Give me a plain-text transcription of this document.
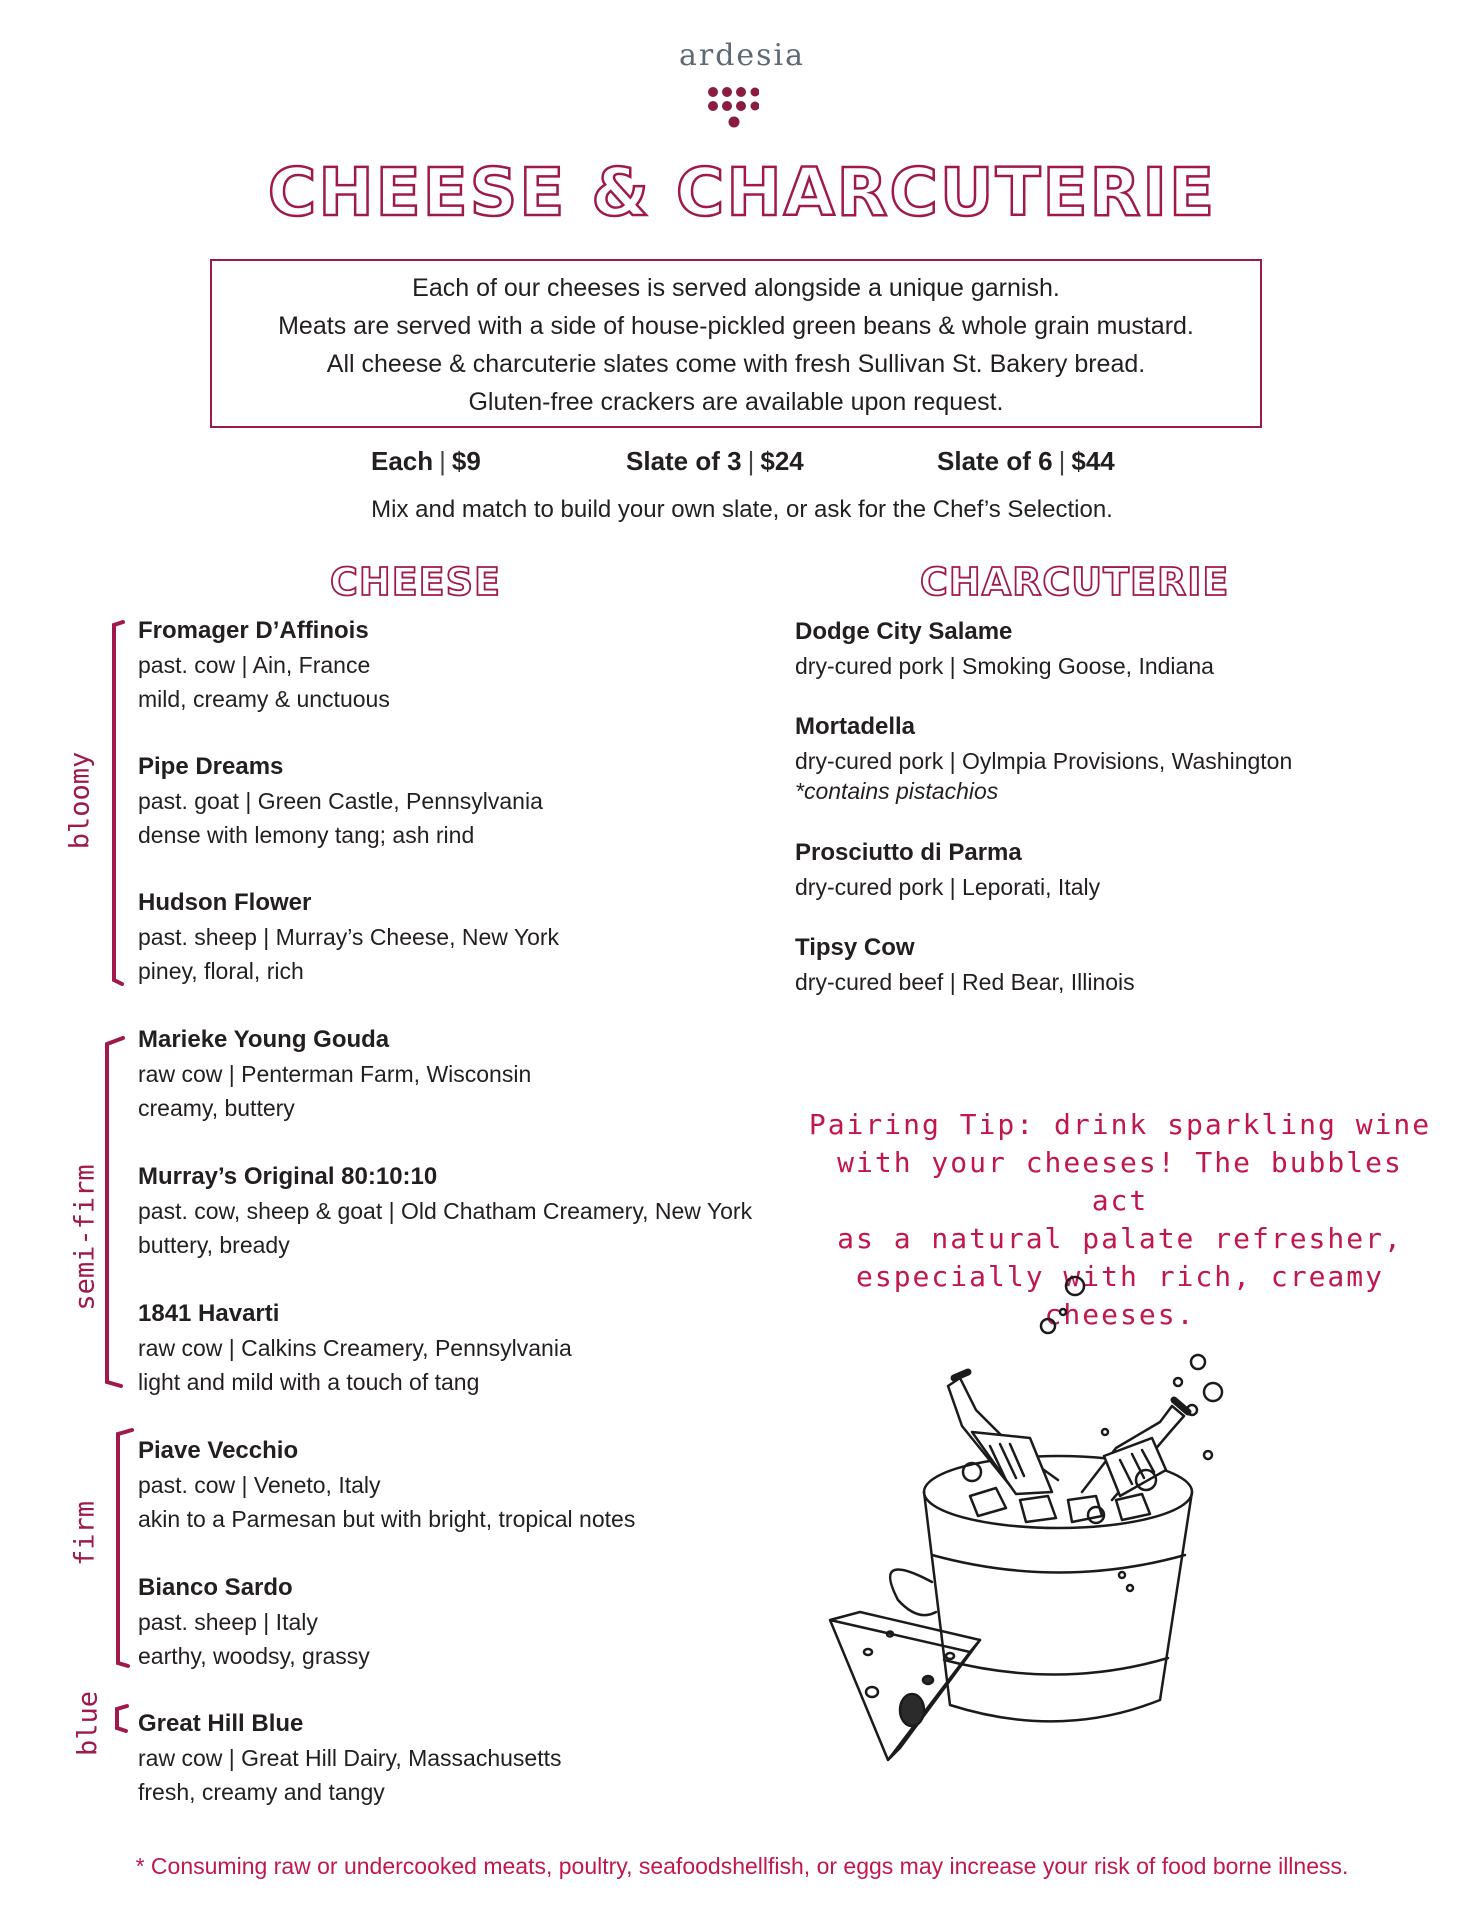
ardesia
CHEESE & CHARCUTERIE
Each of our cheeses is served alongside a unique garnish.
Meats are served with a side of house-pickled green beans & whole grain mustard.
All cheese & charcuterie slates come with fresh Sullivan St. Bakery bread.
Gluten-free crackers are available upon request.
Each | $9	Slate of 3 | $24	Slate of 6 | $44
Mix and match to build your own slate, or ask for the Chef’s Selection.
CHEESE	CHARCUTERIE
bloomy
semi-firm
firm
blue
Fromager D’Affinois
past. cow | Ain, France
mild, creamy & unctuous
Pipe Dreams
past. goat | Green Castle, Pennsylvania
dense with lemony tang; ash rind
Hudson Flower
past. sheep | Murray’s Cheese, New York
piney, floral, rich
Marieke Young Gouda
raw cow | Penterman Farm, Wisconsin
creamy, buttery
Murray’s Original 80:10:10
past. cow, sheep & goat | Old Chatham Creamery, New York
buttery, bready
1841 Havarti
raw cow | Calkins Creamery, Pennsylvania
light and mild with a touch of tang
Piave Vecchio
past. cow | Veneto, Italy
akin to a Parmesan but with bright, tropical notes
Bianco Sardo
past. sheep | Italy
earthy, woodsy, grassy
Great Hill Blue
raw cow | Great Hill Dairy, Massachusetts
fresh, creamy and tangy
Dodge City Salame
dry-cured pork | Smoking Goose, Indiana
Mortadella
dry-cured pork | Oylmpia Provisions, Washington
*contains pistachios
Prosciutto di Parma
dry-cured pork | Leporati, Italy
Tipsy Cow
dry-cured beef | Red Bear, Illinois
Pairing Tip: drink sparkling wine
with your cheeses! The bubbles act
as a natural palate refresher,
especially with rich, creamy cheeses.
* Consuming raw or undercooked meats, poultry, seafoodshellfish, or eggs may increase your risk of food borne illness.
